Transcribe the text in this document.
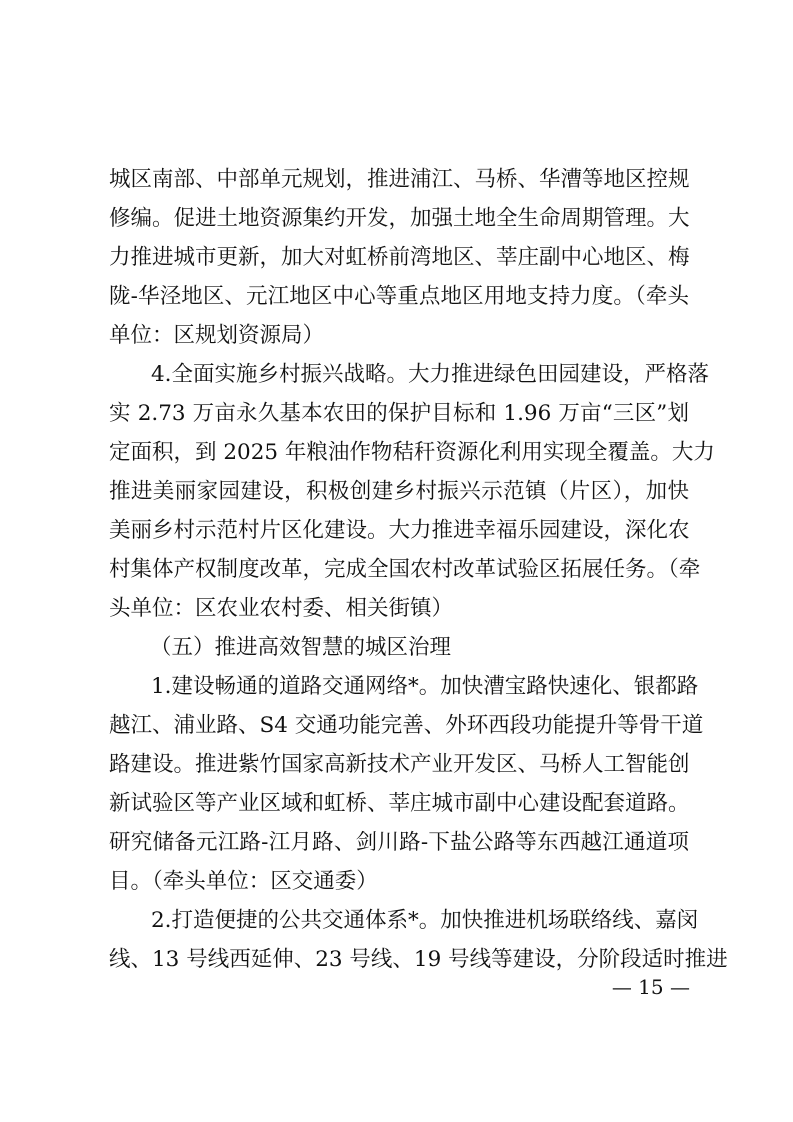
城区南部、中部单元规划，推进浦江、马桥、华漕等地区控规
修编。促进土地资源集约开发，加强土地全生命周期管理。大
力推进城市更新，加大对虹桥前湾地区、莘庄副中心地区、梅
陇-华泾地区、元江地区中心等重点地区用地支持力度。（牵头
单位：区规划资源局）
4.全面实施乡村振兴战略。大力推进绿色田园建设，严格落
实 2.73 万亩永久基本农田的保护目标和 1.96 万亩“三区”划
定面积，到 2025 年粮油作物秸秆资源化利用实现全覆盖。大力
推进美丽家园建设，积极创建乡村振兴示范镇（片区），加快
美丽乡村示范村片区化建设。大力推进幸福乐园建设，深化农
村集体产权制度改革，完成全国农村改革试验区拓展任务。（牵
头单位：区农业农村委、相关街镇）
（五）推进高效智慧的城区治理
1.建设畅通的道路交通网络*。加快漕宝路快速化、银都路
越江、浦业路、S4 交通功能完善、外环西段功能提升等骨干道
路建设。推进紫竹国家高新技术产业开发区、马桥人工智能创
新试验区等产业区域和虹桥、莘庄城市副中心建设配套道路。
研究储备元江路-江月路、剑川路-下盐公路等东西越江通道项
目。（牵头单位：区交通委）
2.打造便捷的公共交通体系*。加快推进机场联络线、嘉闵
线、13 号线西延伸、23 号线、19 号线等建设，分阶段适时推进
— 15 —
